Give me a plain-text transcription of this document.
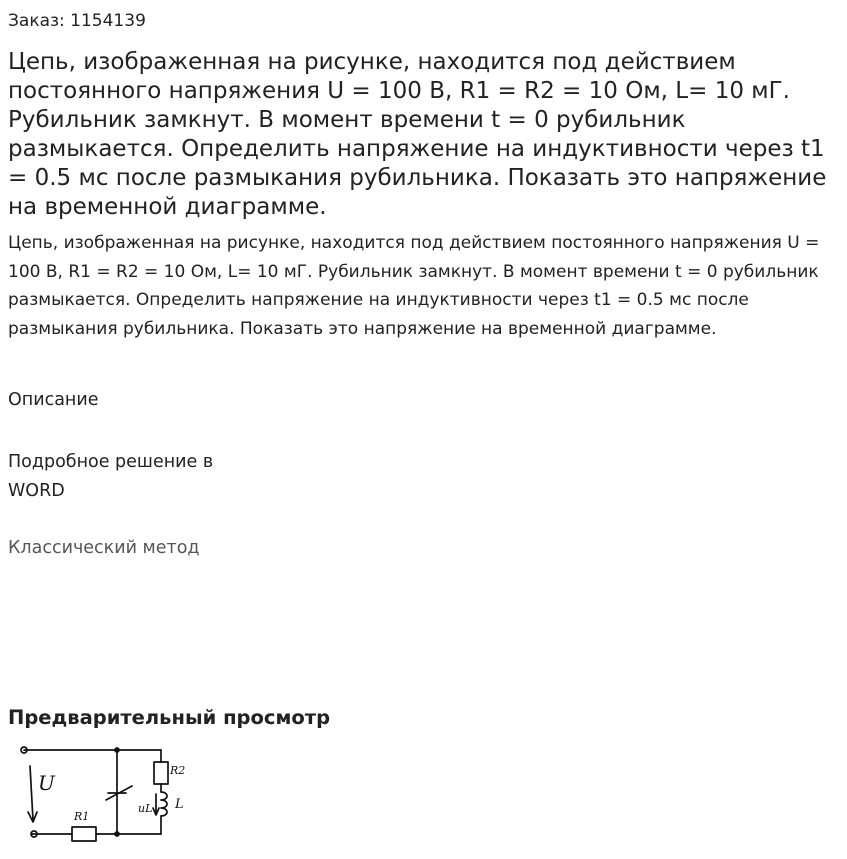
Заказ: 1154139
Цепь, изображенная на рисунке, находится под действием постоянного напряжения U = 100 В, R1 = R2 = 10 Ом, L= 10 мГ. Рубильник замкнут. В момент времени t = 0 рубильник размыкается. Определить напряжение на индуктивности через t1 = 0.5 мс после размыкания рубильника. Показать это напряжение на временной диаграмме.
Цепь, изображенная на рисунке, находится под действием постоянного напряжения U = 100 В, R1 = R2 = 10 Ом, L= 10 мГ. Рубильник замкнут. В момент времени t = 0 рубильник размыкается. Определить напряжение на индуктивности через t1 = 0.5 мс после размыкания рубильника. Показать это напряжение на временной диаграмме.
Описание
Подробное решение в WORD
Классический метод
Предварительный просмотр
U
R1
R2
L
uL
